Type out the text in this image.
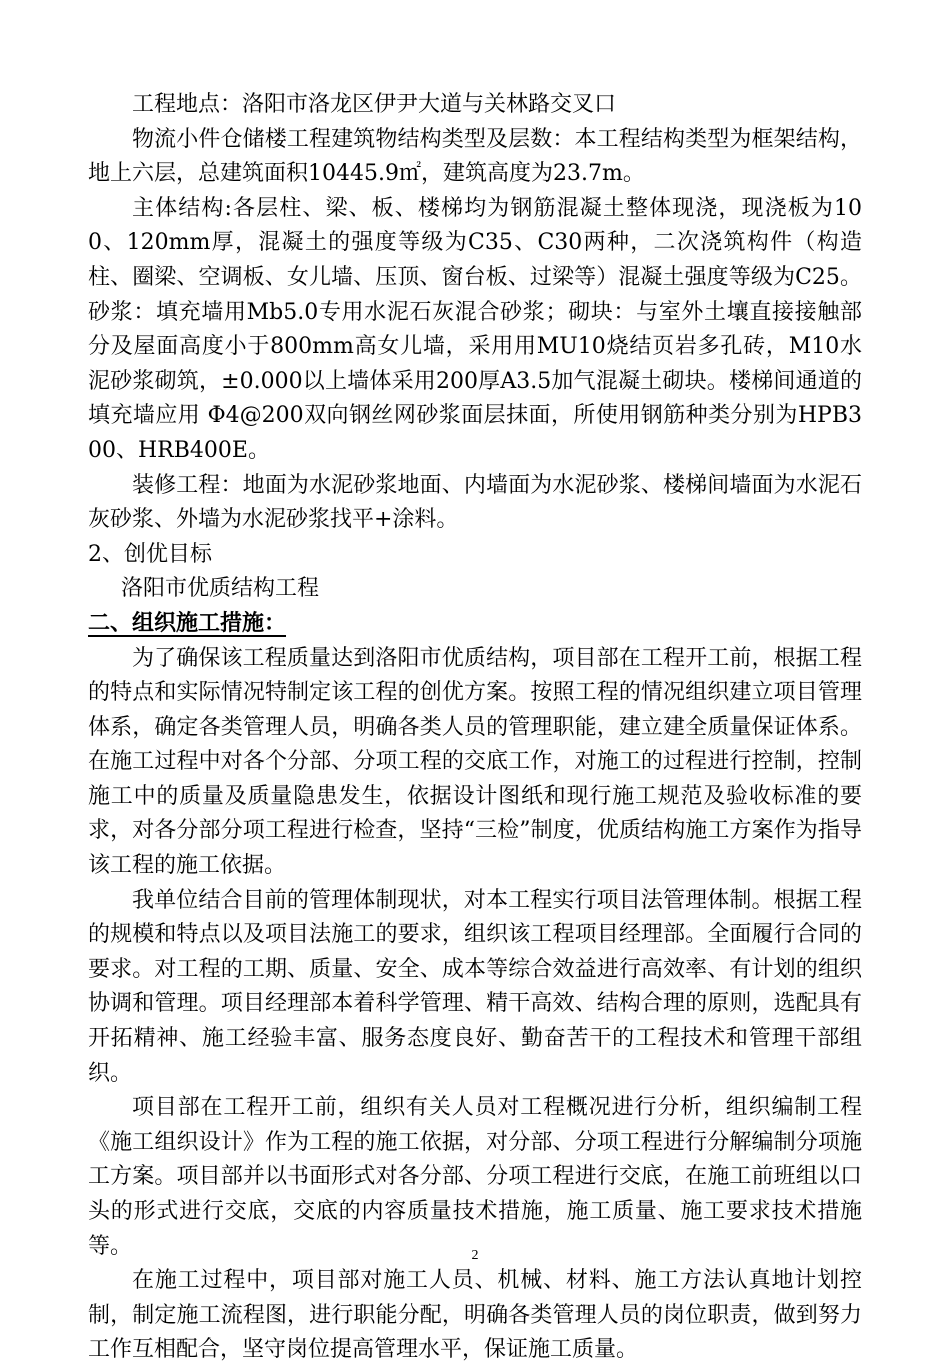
工程地点：洛阳市洛龙区伊尹大道与关林路交叉口

物流小件仓储楼工程建筑物结构类型及层数：本工程结构类型为框架结构，地上六层，总建筑面积10445.9㎡，建筑高度为23.7m。

主体结构:各层柱、梁、板、楼梯均为钢筋混凝土整体现浇，现浇板为100、120mm厚，混凝土的强度等级为C35、C30两种，二次浇筑构件（构造柱、圈梁、空调板、女儿墙、压顶、窗台板、过梁等）混凝土强度等级为C25。砂浆：填充墙用Mb5.0专用水泥石灰混合砂浆；砌块：与室外土壤直接接触部分及屋面高度小于800mm高女儿墙，采用用MU10烧结页岩多孔砖，M10水泥砂浆砌筑，±0.000以上墙体采用200厚A3.5加气混凝土砌块。楼梯间通道的填充墙应用 Φ4@200双向钢丝网砂浆面层抹面，所使用钢筋种类分别为HPB300、HRB400E。

装修工程：地面为水泥砂浆地面、内墙面为水泥砂浆、楼梯间墙面为水泥石灰砂浆、外墙为水泥砂浆找平+涂料。

2、创优目标

洛阳市优质结构工程

二、组织施工措施：

为了确保该工程质量达到洛阳市优质结构，项目部在工程开工前，根据工程的特点和实际情况特制定该工程的创优方案。按照工程的情况组织建立项目管理体系，确定各类管理人员，明确各类人员的管理职能，建立建全质量保证体系。在施工过程中对各个分部、分项工程的交底工作，对施工的过程进行控制，控制施工中的质量及质量隐患发生，依据设计图纸和现行施工规范及验收标准的要求，对各分部分项工程进行检查，坚持“三检”制度，优质结构施工方案作为指导该工程的施工依据。

我单位结合目前的管理体制现状，对本工程实行项目法管理体制。根据工程的规模和特点以及项目法施工的要求，组织该工程项目经理部。全面履行合同的要求。对工程的工期、质量、安全、成本等综合效益进行高效率、有计划的组织协调和管理。项目经理部本着科学管理、精干高效、结构合理的原则，选配具有开拓精神、施工经验丰富、服务态度良好、勤奋苦干的工程技术和管理干部组织。

项目部在工程开工前，组织有关人员对工程概况进行分析，组织编制工程《施工组织设计》作为工程的施工依据，对分部、分项工程进行分解编制分项施工方案。项目部并以书面形式对各分部、分项工程进行交底，在施工前班组以口头的形式进行交底，交底的内容质量技术措施，施工质量、施工要求技术措施等。

在施工过程中，项目部对施工人员、机械、材料、施工方法认真地计划控制，制定施工流程图，进行职能分配，明确各类管理人员的岗位职责，做到努力工作互相配合，坚守岗位提高管理水平，保证施工质量。

2
